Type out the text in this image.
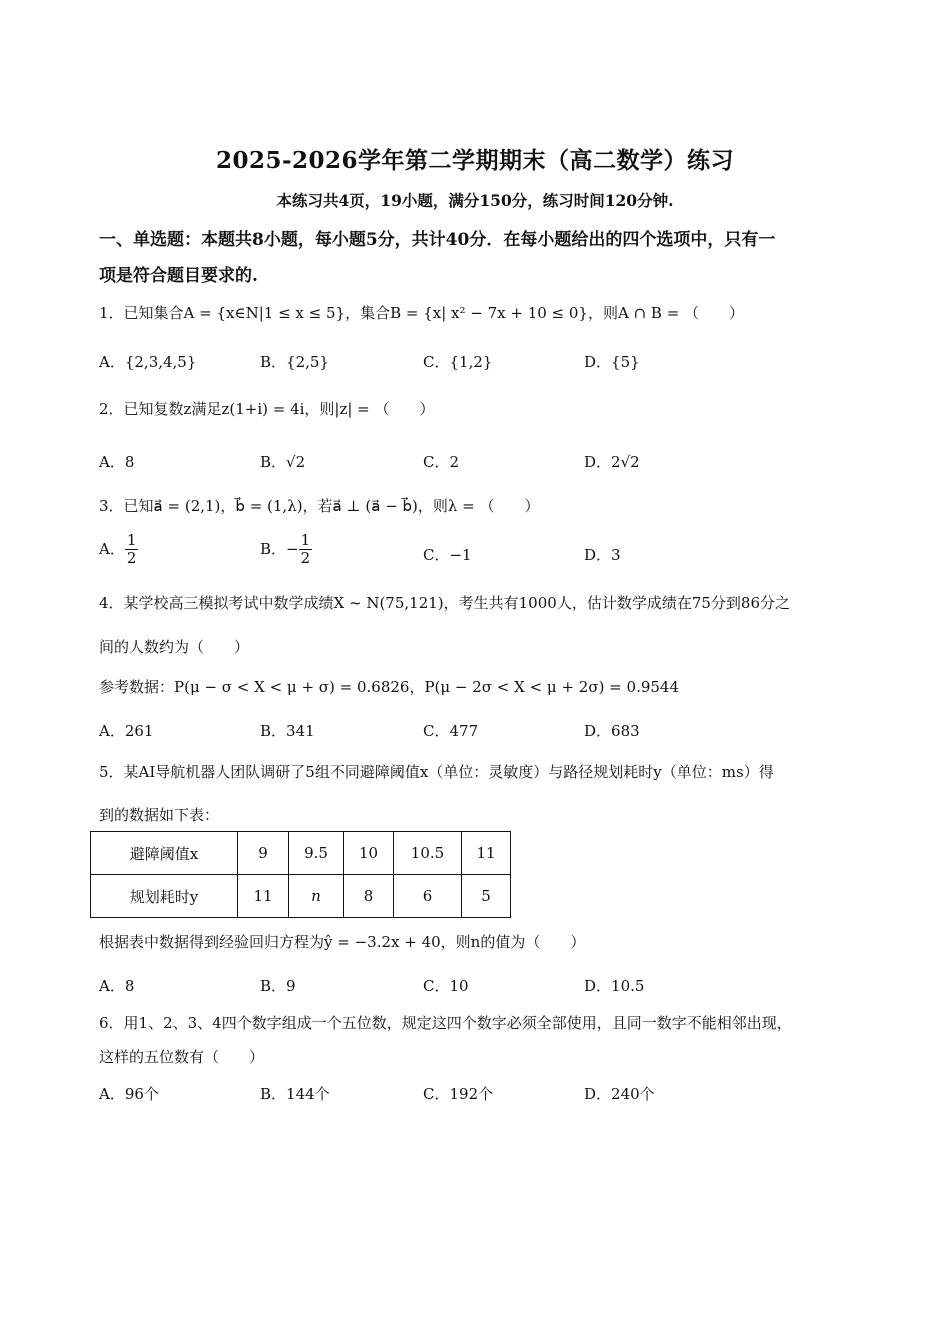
2025-2026学年第二学期期末（高二数学）练习
本练习共4页，19小题，满分150分，练习时间120分钟.
一、单选题：本题共8小题，每小题5分，共计40分．在每小题给出的四个选项中，只有一
项是符合题目要求的.
1．已知集合A = {x∈N|1 ≤ x ≤ 5}，集合B = {x| x² − 7x + 10 ≤ 0}，则A ∩ B = （　　）
A．{2,3,4,5}	B．{2,5}	C．{1,2}	D．{5}
2．已知复数z满足z(1+i) = 4i，则|z| = （　　）
A．8	B．√2	C．2	D．2√2
3．已知a⃗ = (2,1)，b⃗ = (1,λ)，若a⃗ ⊥ (a⃗ − b⃗)，则λ = （　　）
A． $\frac{1}{2}$	B．− $\frac{1}{2}$	C．−1	D．3
4．某学校高三模拟考试中数学成绩X ~ N(75,121)，考生共有1000人，估计数学成绩在75分到86分之
间的人数约为（　　）
参考数据：P(μ − σ < X < μ + σ) = 0.6826，P(μ − 2σ < X < μ + 2σ) = 0.9544
A．261	B．341	C．477	D．683
5．某AI导航机器人团队调研了5组不同避障阈值x（单位：灵敏度）与路径规划耗时y（单位：ms）得
到的数据如下表：
避障阈值x	9	9.5	10	10.5	11
规划耗时y	11	n	8	6	5
根据表中数据得到经验回归方程为ŷ = −3.2x + 40，则n的值为（　　）
A．8	B．9	C．10	D．10.5
6．用1、2、3、4四个数字组成一个五位数，规定这四个数字必须全部使用，且同一数字不能相邻出现，
这样的五位数有（　　）
A．96个	B．144个	C．192个	D．240个
